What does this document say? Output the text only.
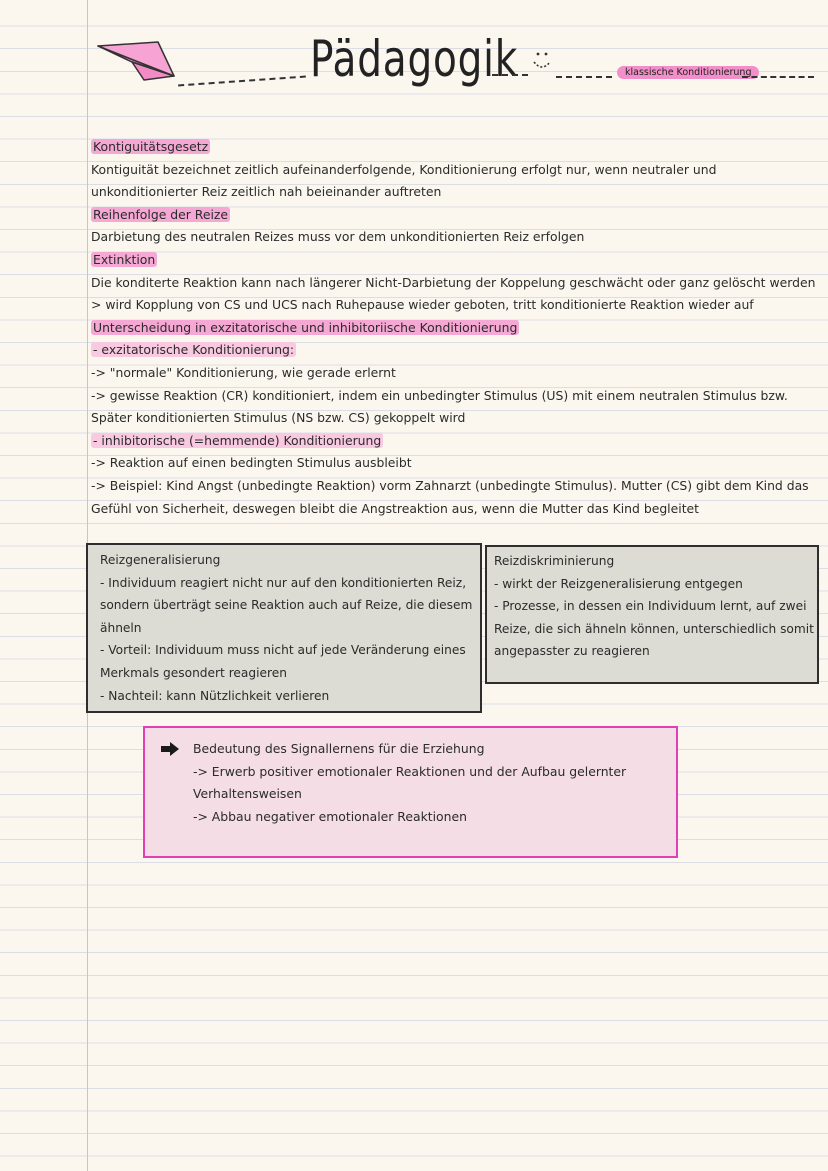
Pädagogik	klassische Konditionierung
Kontiguitätsgesetz
Kontiguität bezeichnet zeitlich aufeinanderfolgende, Konditionierung erfolgt nur, wenn neutraler und
unkonditionierter Reiz zeitlich nah beieinander auftreten
Reihenfolge der Reize
Darbietung des neutralen Reizes muss vor dem unkonditionierten Reiz erfolgen
Extinktion
Die konditerte Reaktion kann nach längerer Nicht-Darbietung der Koppelung geschwächt oder ganz gelöscht werden
> wird Kopplung von CS und UCS nach Ruhepause wieder geboten, tritt konditionierte Reaktion wieder auf
Unterscheidung in exzitatorische und inhibitoriische Konditionierung
- exzitatorische Konditionierung:
-> "normale" Konditionierung, wie gerade erlernt
-> gewisse Reaktion (CR) konditioniert, indem ein unbedingter Stimulus (US) mit einem neutralen Stimulus bzw.
Später konditionierten Stimulus (NS bzw. CS) gekoppelt wird
- inhibitorische (=hemmende) Konditionierung
-> Reaktion auf einen bedingten Stimulus ausbleibt
-> Beispiel: Kind Angst (unbedingte Reaktion) vorm Zahnarzt (unbedingte Stimulus). Mutter (CS) gibt dem Kind das
Gefühl von Sicherheit, deswegen bleibt die Angstreaktion aus, wenn die Mutter das Kind begleitet
Reizgeneralisierung
- Individuum reagiert nicht nur auf den konditionierten Reiz,
sondern überträgt seine Reaktion auch auf Reize, die diesem
ähneln
- Vorteil: Individuum muss nicht auf jede Veränderung eines
Merkmals gesondert reagieren
- Nachteil: kann Nützlichkeit verlieren
Reizdiskriminierung
- wirkt der Reizgeneralisierung entgegen
- Prozesse, in dessen ein Individuum lernt, auf zwei
Reize, die sich ähneln können, unterschiedlich somit
angepasster zu reagieren
Bedeutung des Signallernens für die Erziehung
-> Erwerb positiver emotionaler Reaktionen und der Aufbau gelernter
Verhaltensweisen
-> Abbau negativer emotionaler Reaktionen
